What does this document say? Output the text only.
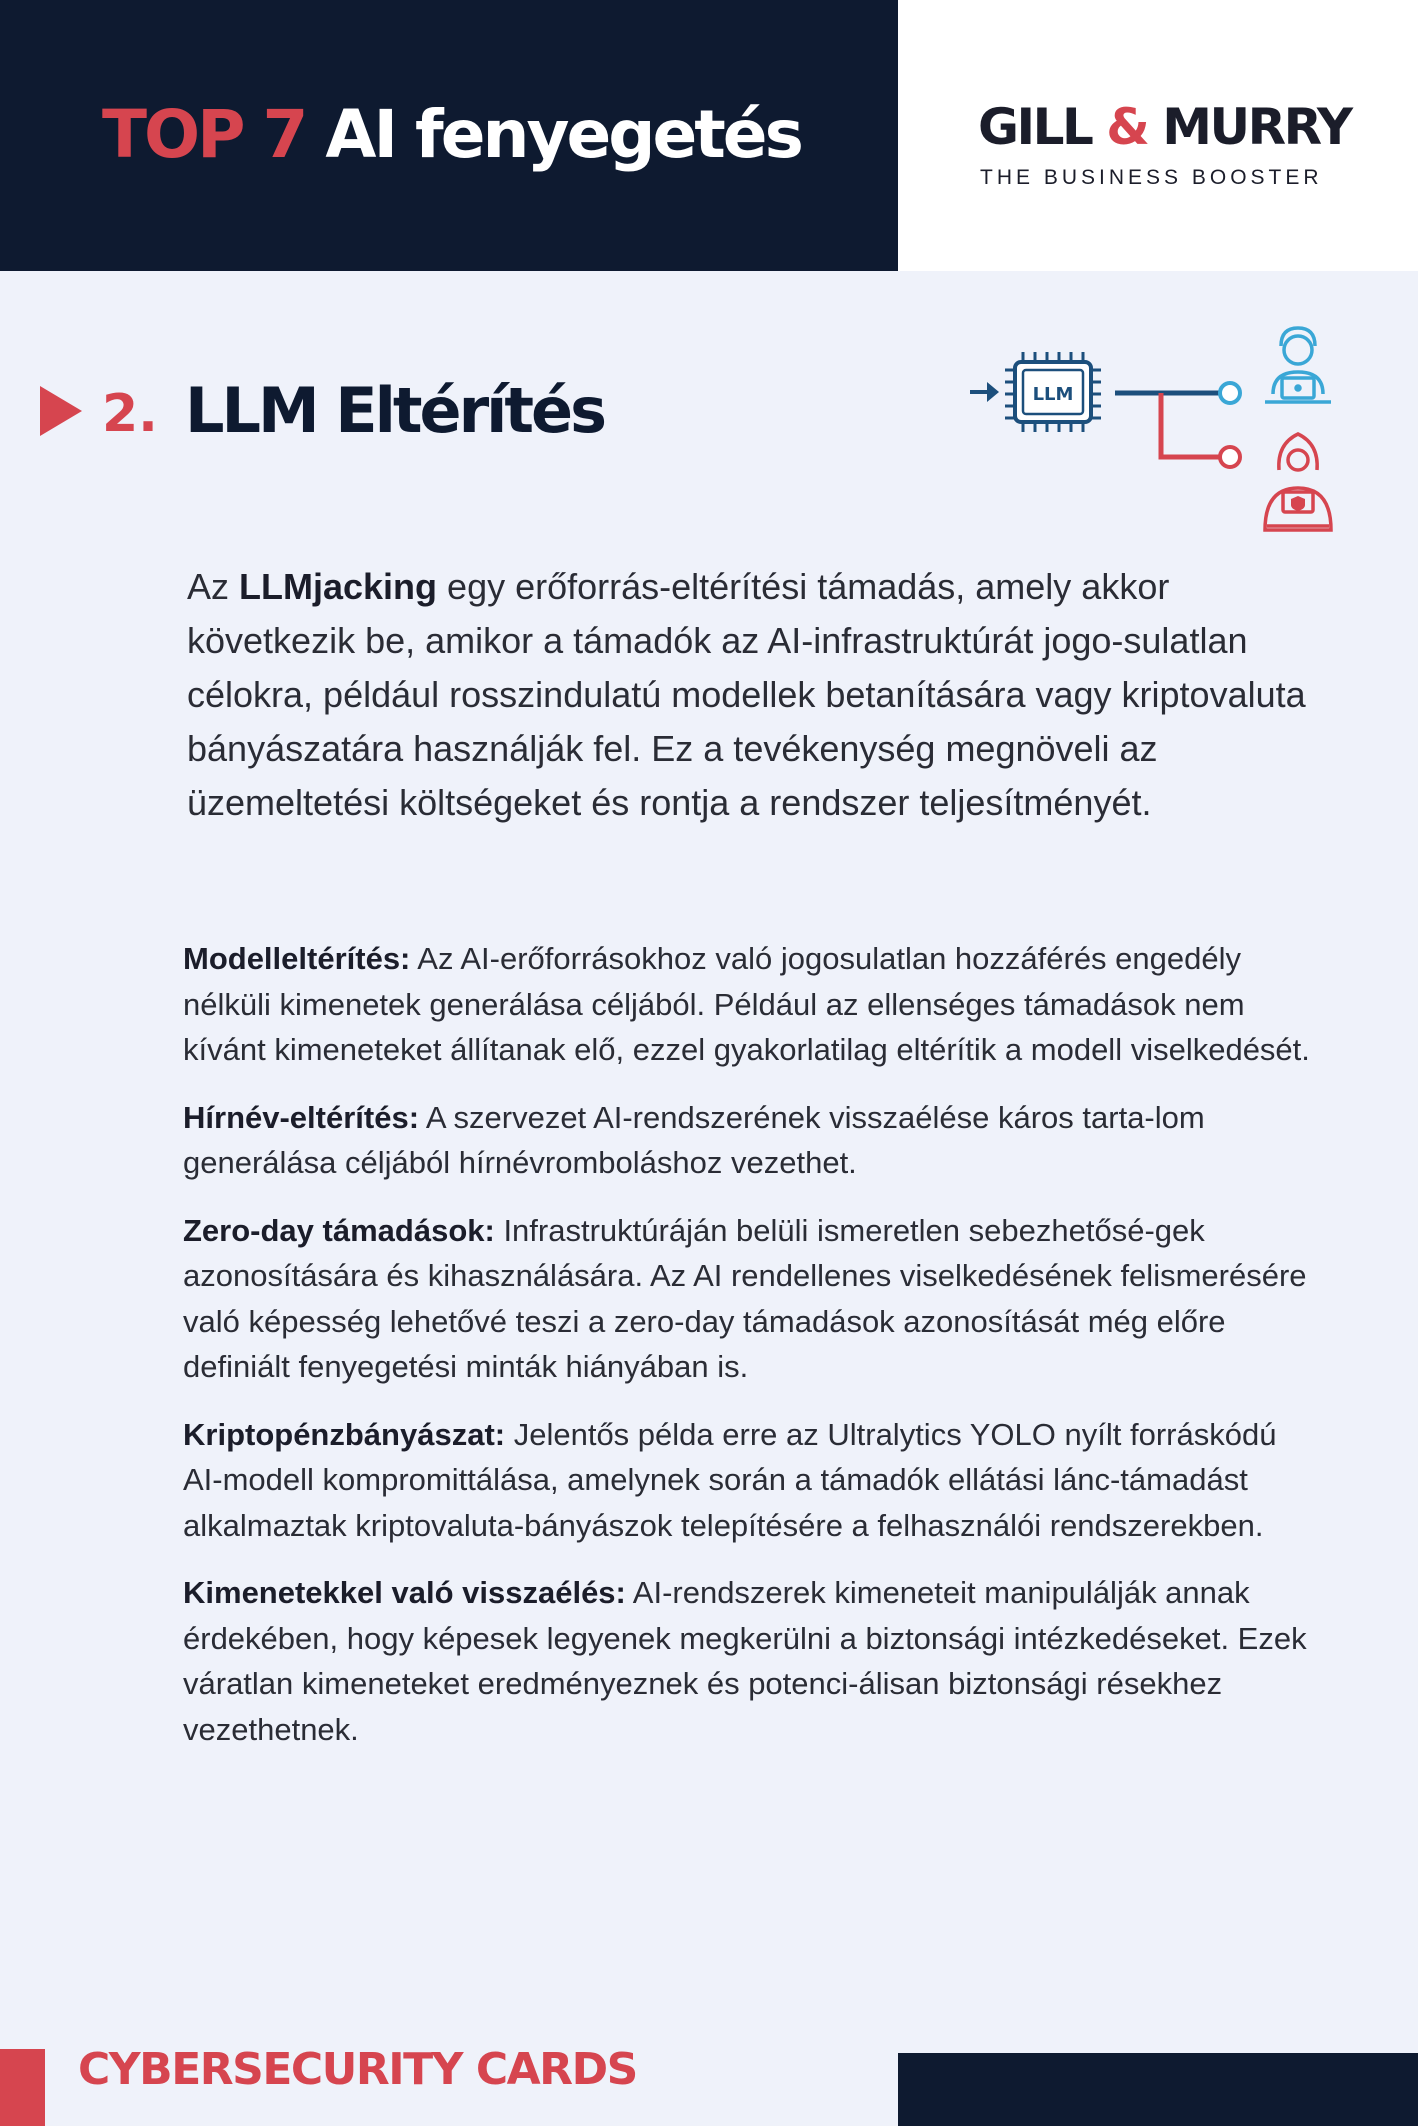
TOP 7 AI fenyegetés	GILL & MURRY
THE BUSINESS BOOSTER
2. LLM Eltérítés	LLM

Az LLMjacking egy erőforrás-eltérítési támadás, amely akkor következik be, amikor a támadók az AI-infrastruktúrát jogo-sulatlan célokra, például rosszindulatú modellek betanítására vagy kriptovaluta bányászatára használják fel. Ez a tevékenység megnöveli az üzemeltetési költségeket és rontja a rendszer teljesítményét.

Modelleltérítés: Az AI-erőforrásokhoz való jogosulatlan hozzáférés engedély nélküli kimenetek generálása céljából. Például az ellenséges támadások nem kívánt kimeneteket állítanak elő, ezzel gyakorlatilag eltérítik a modell viselkedését.

Hírnév-eltérítés: A szervezet AI-rendszerének visszaélése káros tarta-lom generálása céljából hírnévromboláshoz vezethet.

Zero-day támadások: Infrastruktúráján belüli ismeretlen sebezhetősé-gek azonosítására és kihasználására. Az AI rendellenes viselkedésének felismerésére való képesség lehetővé teszi a zero-day támadások azonosítását még előre definiált fenyegetési minták hiányában is.

Kriptopénzbányászat: Jelentős példa erre az Ultralytics YOLO nyílt forráskódú AI-modell kompromittálása, amelynek során a támadók ellátási lánc-támadást alkalmaztak kriptovaluta-bányászok telepítésére a felhasználói rendszerekben.

Kimenetekkel való visszaélés: AI-rendszerek kimeneteit manipulálják annak érdekében, hogy képesek legyenek megkerülni a biztonsági intézkedéseket. Ezek váratlan kimeneteket eredményeznek és potenci-álisan biztonsági résekhez vezethetnek.

CYBERSECURITY CARDS
